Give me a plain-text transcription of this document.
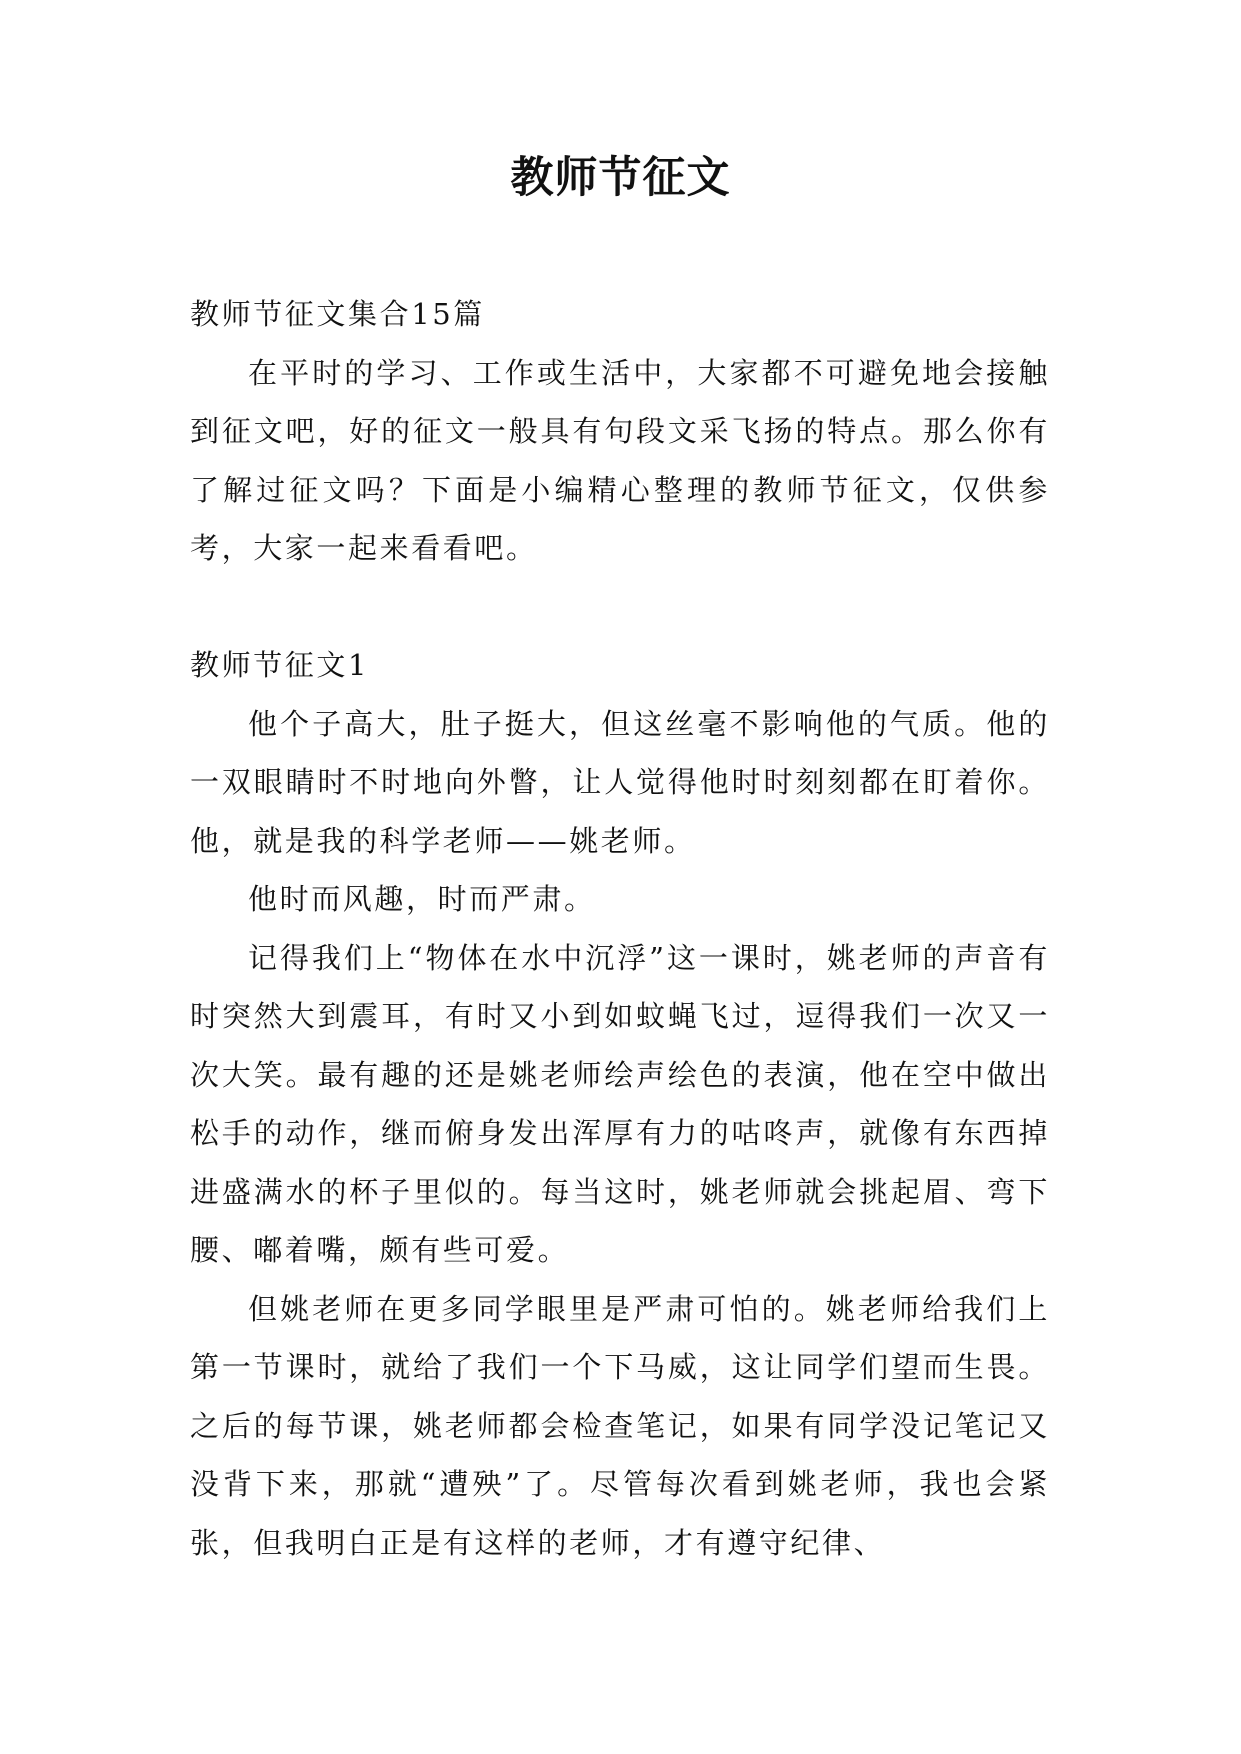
教师节征文

教师节征文集合15篇

在平时的学习、工作或生活中，大家都不可避免地会接触到征文吧，好的征文一般具有句段文采飞扬的特点。那么你有了解过征文吗？下面是小编精心整理的教师节征文，仅供参考，大家一起来看看吧。

教师节征文1

他个子高大，肚子挺大，但这丝毫不影响他的气质。他的一双眼睛时不时地向外瞥，让人觉得他时时刻刻都在盯着你。他，就是我的科学老师——姚老师。

他时而风趣，时而严肃。

记得我们上“物体在水中沉浮”这一课时，姚老师的声音有时突然大到震耳，有时又小到如蚊蝇飞过，逗得我们一次又一次大笑。最有趣的还是姚老师绘声绘色的表演，他在空中做出松手的动作，继而俯身发出浑厚有力的咕咚声，就像有东西掉进盛满水的杯子里似的。每当这时，姚老师就会挑起眉、弯下腰、嘟着嘴，颇有些可爱。

但姚老师在更多同学眼里是严肃可怕的。姚老师给我们上第一节课时，就给了我们一个下马威，这让同学们望而生畏。之后的每节课，姚老师都会检查笔记，如果有同学没记笔记又没背下来，那就“遭殃”了。尽管每次看到姚老师，我也会紧张，但我明白正是有这样的老师，才有遵守纪律、
